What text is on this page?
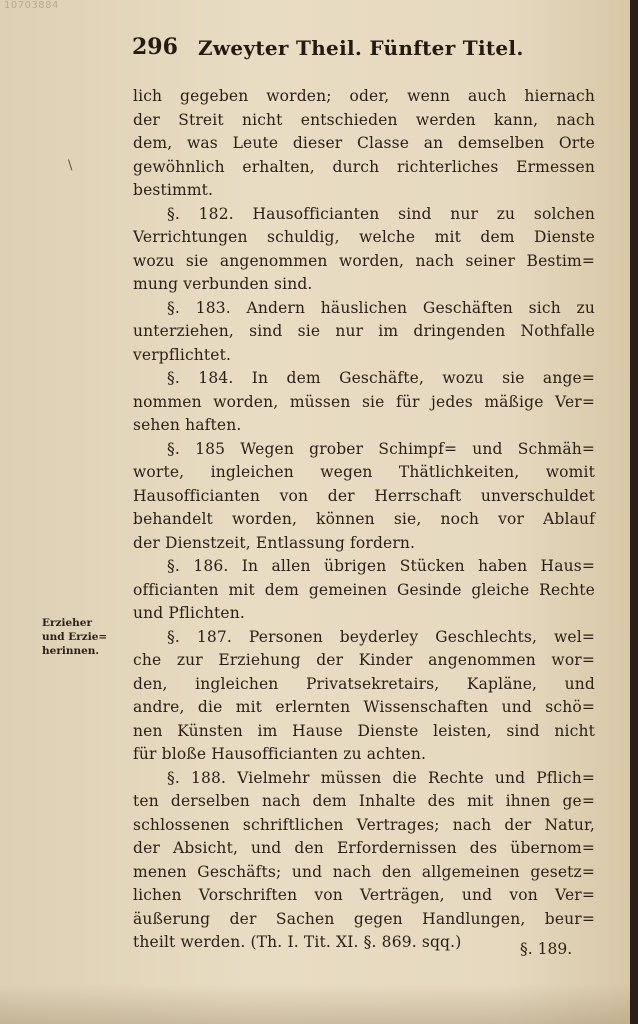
10703884
296 Zweyter Theil. Fünfter Titel.
\
Erzieher
und Erzie=
herinnen.
lich gegeben worden; oder, wenn auch hiernach
der Streit nicht entschieden werden kann, nach
dem, was Leute dieser Classe an demselben Orte
gewöhnlich erhalten, durch richterliches Ermessen
bestimmt.
§. 182. Hausofficianten sind nur zu solchen
Verrichtungen schuldig, welche mit dem Dienste
wozu sie angenommen worden, nach seiner Bestim=
mung verbunden sind.
§. 183. Andern häuslichen Geschäften sich zu
unterziehen, sind sie nur im dringenden Nothfalle
verpflichtet.
§. 184. In dem Geschäfte, wozu sie ange=
nommen worden, müssen sie für jedes mäßige Ver=
sehen haften.
§. 185 Wegen grober Schimpf= und Schmäh=
worte, ingleichen wegen Thätlichkeiten, womit
Hausofficianten von der Herrschaft unverschuldet
behandelt worden, können sie, noch vor Ablauf
der Dienstzeit, Entlassung fordern.
§. 186. In allen übrigen Stücken haben Haus=
officianten mit dem gemeinen Gesinde gleiche Rechte
und Pflichten.
§. 187. Personen beyderley Geschlechts, wel=
che zur Erziehung der Kinder angenommen wor=
den, ingleichen Privatsekretairs, Kapläne, und
andre, die mit erlernten Wissenschaften und schö=
nen Künsten im Hause Dienste leisten, sind nicht
für bloße Hausofficianten zu achten.
§. 188. Vielmehr müssen die Rechte und Pflich=
ten derselben nach dem Inhalte des mit ihnen ge=
schlossenen schriftlichen Vertrages; nach der Natur,
der Absicht, und den Erfordernissen des übernom=
menen Geschäfts; und nach den allgemeinen gesetz=
lichen Vorschriften von Verträgen, und von Ver=
äußerung der Sachen gegen Handlungen, beur=
theilt werden. (Th. I. Tit. XI. §. 869. sqq.)	§. 189.
